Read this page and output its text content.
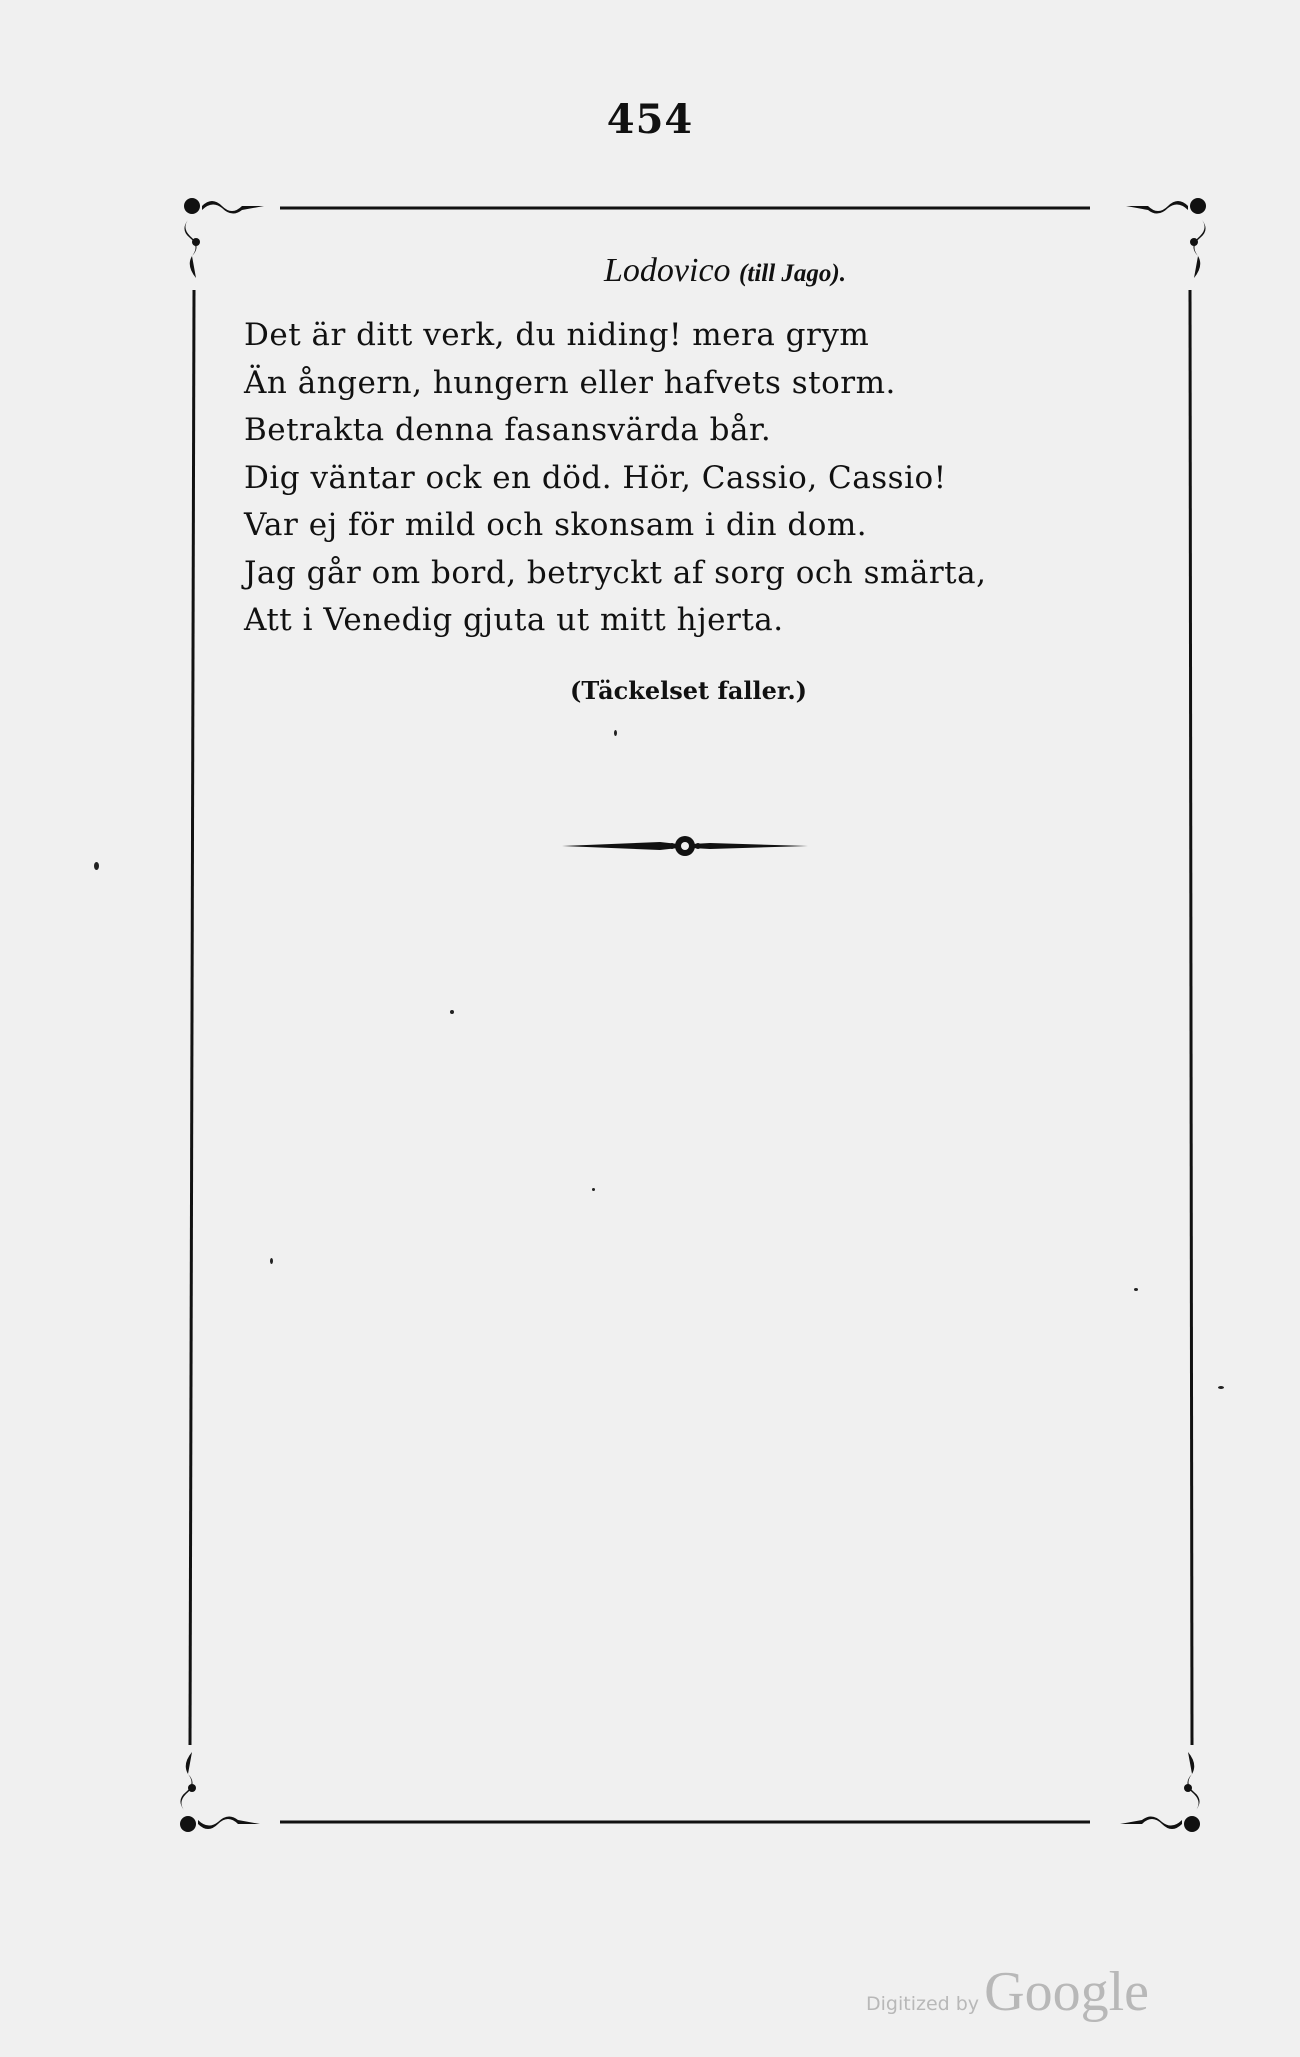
454
Lodovico (till Jago).
Det är ditt verk, du niding! mera grym
Än ångern, hungern eller hafvets storm.
Betrakta denna fasansvärda bår.
Dig väntar ock en död. Hör, Cassio, Cassio!
Var ej för mild och skonsam i din dom.
Jag går om bord, betryckt af sorg och smärta,
Att i Venedig gjuta ut mitt hjerta.
(Täckelset faller.)
Digitized by Google
